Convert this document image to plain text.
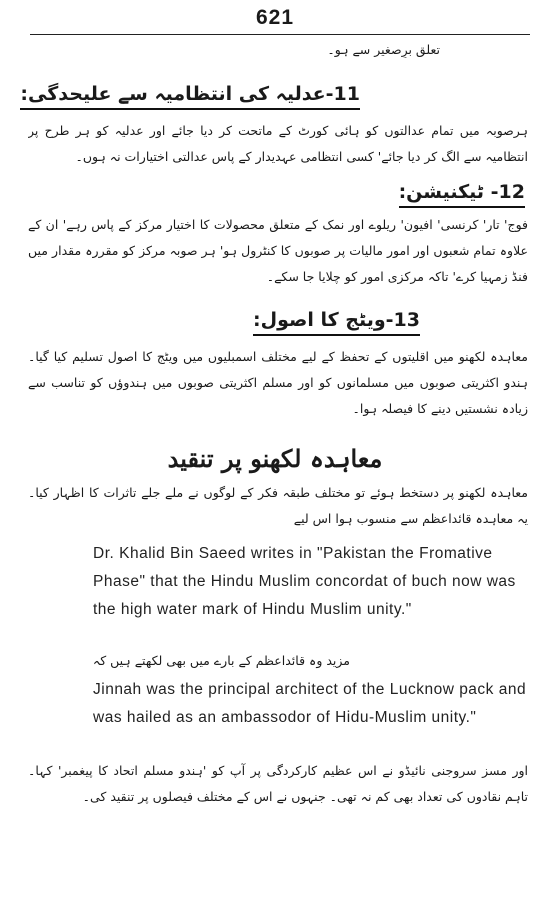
621
تعلق برِصغیر سے ہو۔
11-عدلیہ کی انتظامیہ سے علیحدگی:
ہرصوبہ میں تمام عدالتوں کو ہائی کورٹ کے ماتحت کر دیا جائے اور عدلیہ کو ہر طرح پر انتظامیہ سے الگ کر دیا جائے' کسی انتظامی عہدیدار کے پاس عدالتی اختیارات نہ ہوں۔
12- ٹیکنیشن:
فوج' تار' کرنسی' افیون' ریلوے اور نمک کے متعلق محصولات کا اختیار مرکز کے پاس رہے' ان کے علاوہ تمام شعبوں اور امور مالیات پر صوبوں کا کنٹرول ہو' ہر صوبہ مرکز کو مقررہ مقدار میں فنڈ زمہیا کرے' تاکہ مرکزی امور کو چلایا جا سکے۔
13-ویٹج کا اصول:
معاہدہ لکھنو میں اقلیتوں کے تحفظ کے لیے مختلف اسمبلیوں میں ویٹج کا اصول تسلیم کیا گیا۔ ہندو اکثریتی صوبوں میں مسلمانوں کو اور مسلم اکثریتی صوبوں میں ہندوؤں کو تناسب سے زیادہ نشستیں دینے کا فیصلہ ہوا۔
معاہدہ لکھنو پر تنقید
معاہدہ لکھنو پر دستخط ہوئے تو مختلف طبقہ فکر کے لوگوں نے ملے جلے تاثرات کا اظہار کیا۔ یہ معاہدہ قائداعظم سے منسوب ہوا اس لیے

Dr. Khalid Bin Saeed writes in "Pakistan the Fromative Phase" that the Hindu Muslim concordat of buch now was the high water mark of Hindu Muslim unity."

مزید وہ قائداعظم کے بارے میں بھی لکھتے ہیں کہ

Jinnah was the principal architect of the Lucknow pack and was hailed as an ambassodor of Hidu-Muslim unity."

اور مسز سروجنی نائیڈو نے اس عظیم کارکردگی پر آپ کو 'ہندو مسلم اتحاد کا پیغمبر' کہا۔ تاہم نقادوں کی تعداد بھی کم نہ تھی۔ جنہوں نے اس کے مختلف فیصلوں پر تنقید کی۔
